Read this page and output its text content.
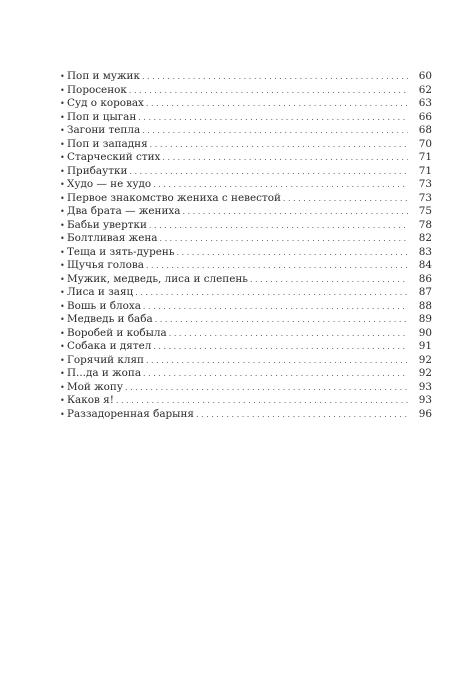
• Поп и мужик . . .	60
• Поросенок . . .	62
• Суд о коровах . . .	63
• Поп и цыган . . .	66
• Загони тепла . . .	68
• Поп и западня . . .	70
• Старческий стих . . .	71
• Прибаутки . . .	71
• Худо — не худо . . .	73
• Первое знакомство жениха с невестой . . .	73
• Два брата — жениха . . .	75
• Бабьи увертки . . .	78
• Болтливая жена . . .	82
• Теща и зять-дурень . . .	83
• Щучья голова . . .	84
• Мужик, медведь, лиса и слепень . . .	86
• Лиса и заяц . . .	87
• Вошь и блоха . . .	88
• Медведь и баба . . .	89
• Воробей и кобыла . . .	90
• Собака и дятел . . .	91
• Горячий кляп . . .	92
• П...да и жопа . . .	92
• Мой жопу . . .	93
• Каков я! . . .	93
• Раззадоренная барыня . . .	96
